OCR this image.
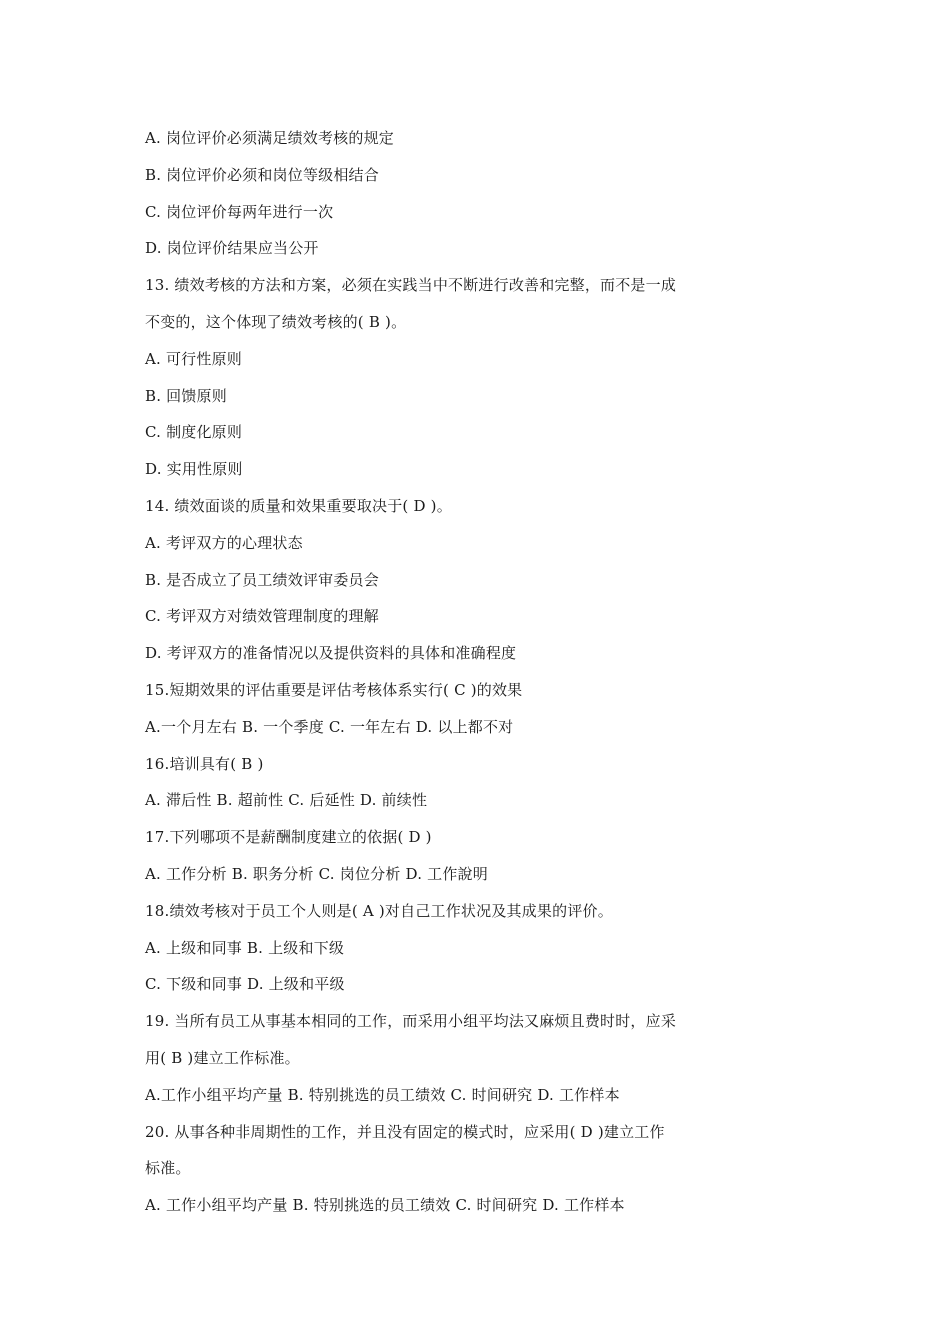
A. 岗位评价必须满足绩效考核的规定
B. 岗位评价必须和岗位等级相结合
C. 岗位评价每两年进行一次
D. 岗位评价结果应当公开
13. 绩效考核的方法和方案，必须在实践当中不断进行改善和完整，而不是一成
不变的，这个体现了绩效考核的( B )。
A. 可行性原则
B. 回馈原则
C. 制度化原则
D. 实用性原则
14. 绩效面谈的质量和效果重要取决于( D )。
A. 考评双方的心理状态
B. 是否成立了员工绩效评审委员会
C. 考评双方对绩效管理制度的理解
D. 考评双方的准备情况以及提供资料的具体和准确程度
15.短期效果的评估重要是评估考核体系实行( C )的效果
A.一个月左右 B. 一个季度 C. 一年左右 D. 以上都不对
16.培训具有( B )
A. 滞后性 B. 超前性 C. 后延性 D. 前续性
17.下列哪项不是薪酬制度建立的依据( D )
A. 工作分析 B. 职务分析 C. 岗位分析 D. 工作說明
18.绩效考核对于员工个人则是( A )对自己工作状况及其成果的评价。
A. 上级和同事 B. 上级和下级
C. 下级和同事 D. 上级和平级
19. 当所有员工从事基本相同的工作，而采用小组平均法又麻烦且费时时，应采
用( B )建立工作标准。
A.工作小组平均产量 B. 特别挑选的员工绩效 C. 时间研究 D. 工作样本
20. 从事各种非周期性的工作，并且没有固定的模式时，应采用( D )建立工作
标准。
A. 工作小组平均产量 B. 特别挑选的员工绩效 C. 时间研究 D. 工作样本
